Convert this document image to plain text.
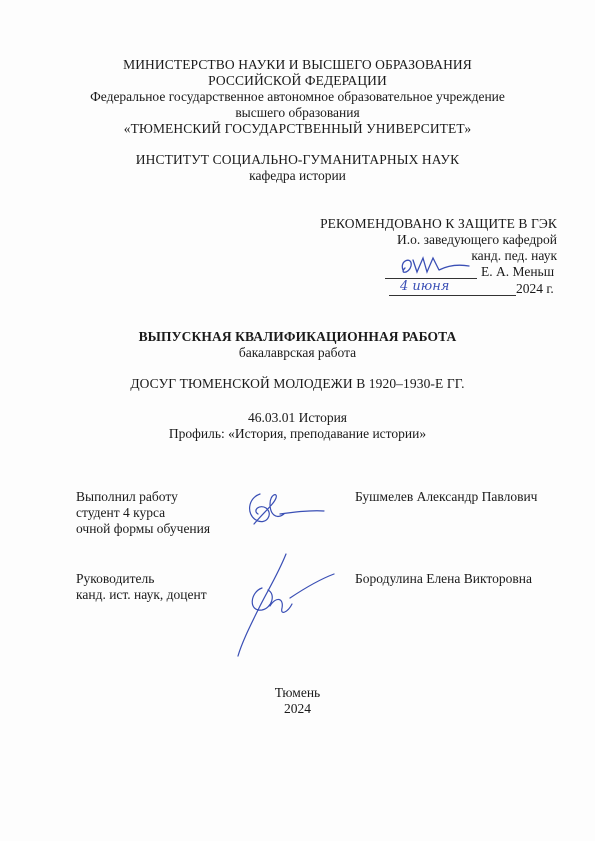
МИНИСТЕРСТВО НАУКИ И ВЫСШЕГО ОБРАЗОВАНИЯ
РОССИЙСКОЙ ФЕДЕРАЦИИ
Федеральное государственное автономное образовательное учреждение
высшего образования
«ТЮМЕНСКИЙ ГОСУДАРСТВЕННЫЙ УНИВЕРСИТЕТ»
ИНСТИТУТ СОЦИАЛЬНО-ГУМАНИТАРНЫХ НАУК
кафедра истории
РЕКОМЕНДОВАНО К ЗАЩИТЕ В ГЭК
И.о. заведующего кафедрой
канд. пед. наук
Е. А. Меньш
2024 г.
4 июня
ВЫПУСКНАЯ КВАЛИФИКАЦИОННАЯ РАБОТА
бакалаврская работа
ДОСУГ ТЮМЕНСКОЙ МОЛОДЕЖИ В 1920–1930-Е ГГ.
46.03.01 История
Профиль: «История, преподавание истории»
Выполнил работу
студент 4 курса
очной формы обучения
Бушмелев Александр Павлович
Руководитель
канд. ист. наук, доцент
Бородулина Елена Викторовна
Тюмень
2024
